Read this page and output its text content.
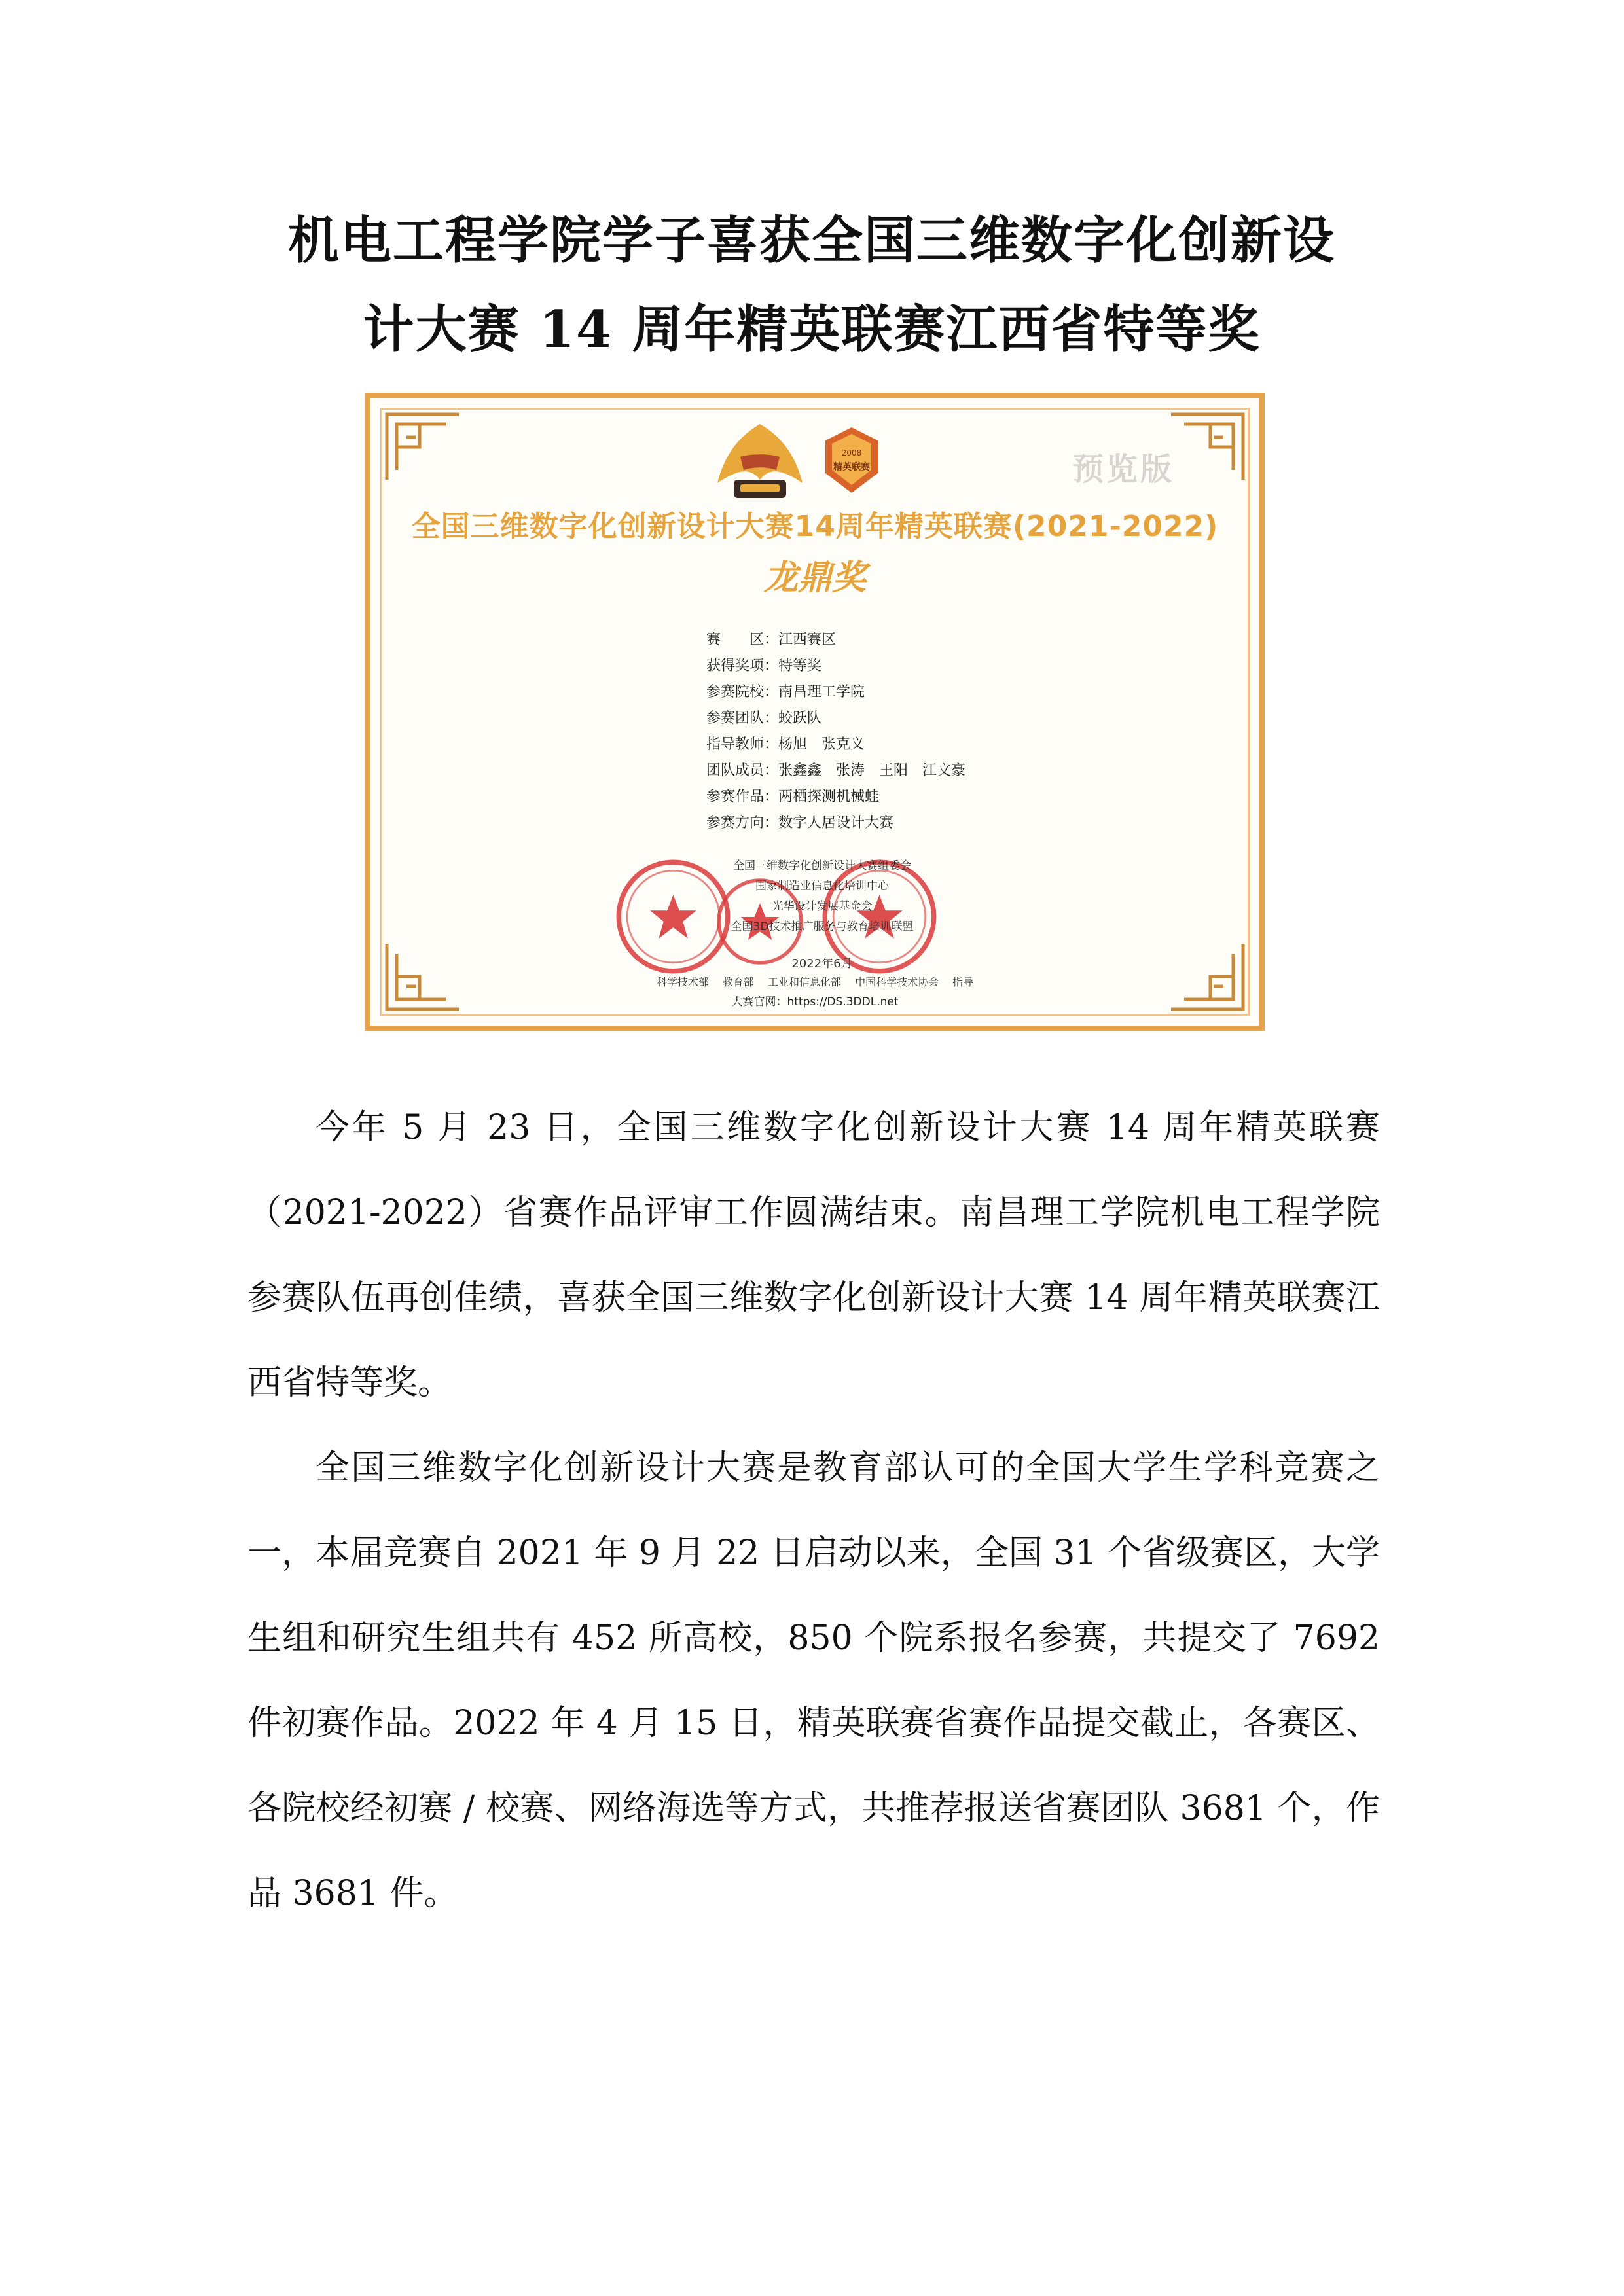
机电工程学院学子喜获全国三维数字化创新设
计大赛 14 周年精英联赛江西省特等奖
2008
精英联赛	预览版
全国三维数字化创新设计大赛14周年精英联赛(2021-2022)
龙鼎奖
赛　　区：江西赛区
获得奖项：特等奖
参赛院校：南昌理工学院
参赛团队：蛟跃队
指导教师：杨旭　张克义
团队成员：张鑫鑫　张涛　王阳　江文豪
参赛作品：两栖探测机械蛙
参赛方向：数字人居设计大赛
全国三维数字化创新设计大赛组委会
国家制造业信息化培训中心
光华设计发展基金会
全国3D技术推广服务与教育培训联盟
2022年6月
科学技术部 教育部 工业和信息化部 中国科学技术协会 指导
大赛官网：https://DS.3DDL.net

今年 5 月 23 日，全国三维数字化创新设计大赛 14 周年精英联赛（2021-2022）省赛作品评审工作圆满结束。南昌理工学院机电工程学院参赛队伍再创佳绩，喜获全国三维数字化创新设计大赛 14 周年精英联赛江西省特等奖。

全国三维数字化创新设计大赛是教育部认可的全国大学生学科竞赛之一，本届竞赛自 2021 年 9 月 22 日启动以来，全国 31 个省级赛区，大学生组和研究生组共有 452 所高校，850 个院系报名参赛，共提交了 7692 件初赛作品。2022 年 4 月 15 日，精英联赛省赛作品提交截止，各赛区、各院校经初赛 / 校赛、网络海选等方式，共推荐报送省赛团队 3681 个，作品 3681 件。
